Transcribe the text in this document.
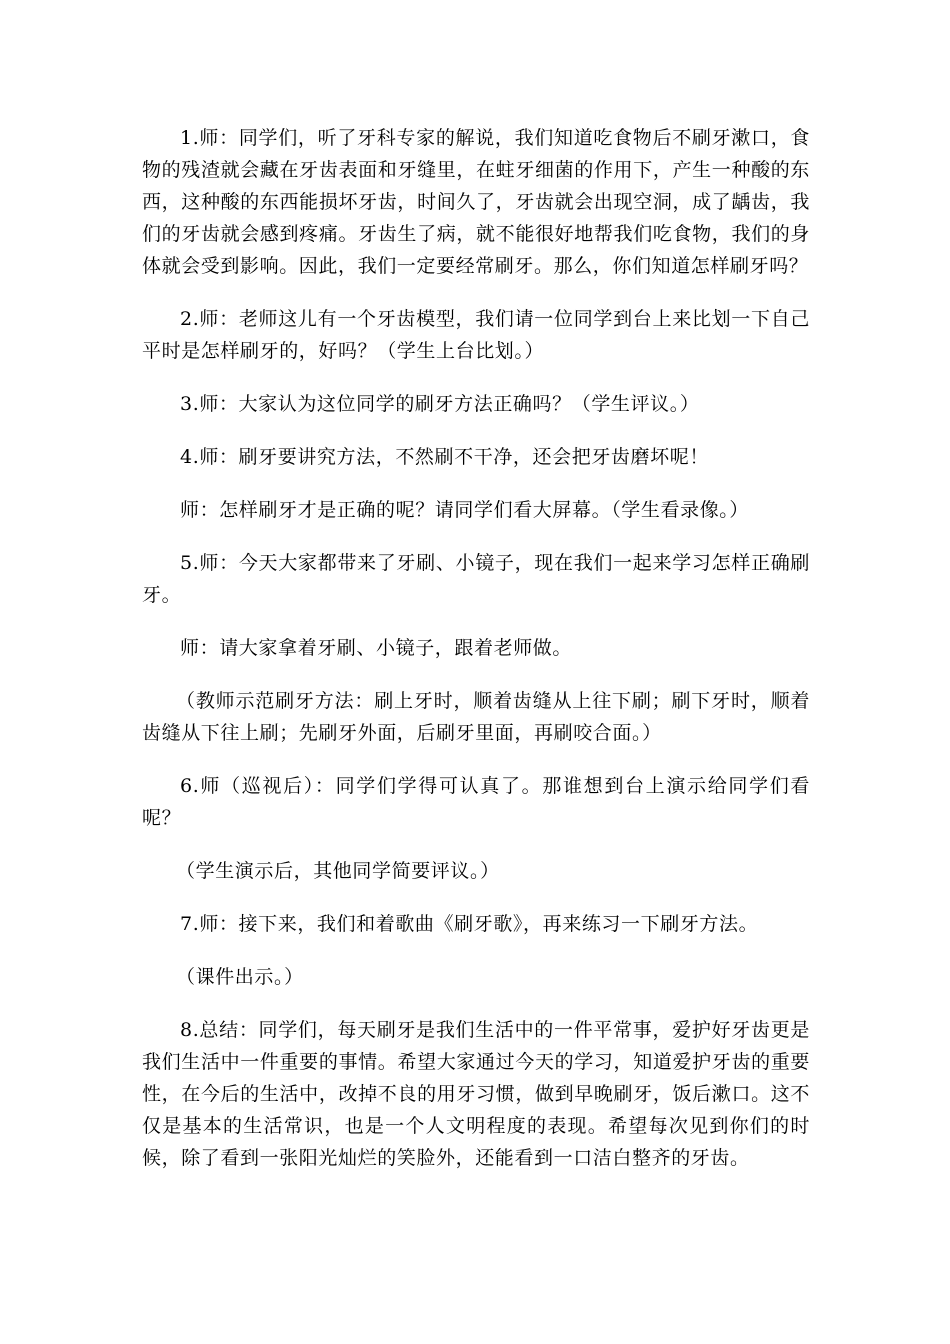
1.师：同学们，听了牙科专家的解说，我们知道吃食物后不刷牙漱口，食物的残渣就会藏在牙齿表面和牙缝里，在蛀牙细菌的作用下，产生一种酸的东西，这种酸的东西能损坏牙齿，时间久了，牙齿就会出现空洞，成了龋齿，我们的牙齿就会感到疼痛。牙齿生了病，就不能很好地帮我们吃食物，我们的身体就会受到影响。因此，我们一定要经常刷牙。那么，你们知道怎样刷牙吗？

2.师：老师这儿有一个牙齿模型，我们请一位同学到台上来比划一下自己平时是怎样刷牙的，好吗？（学生上台比划。）

3.师：大家认为这位同学的刷牙方法正确吗？（学生评议。）

4.师：刷牙要讲究方法，不然刷不干净，还会把牙齿磨坏呢！

师：怎样刷牙才是正确的呢？请同学们看大屏幕。（学生看录像。）

5.师：今天大家都带来了牙刷、小镜子，现在我们一起来学习怎样正确刷牙。

师：请大家拿着牙刷、小镜子，跟着老师做。

（教师示范刷牙方法：刷上牙时，顺着齿缝从上往下刷；刷下牙时，顺着齿缝从下往上刷；先刷牙外面，后刷牙里面，再刷咬合面。）

6.师（巡视后）：同学们学得可认真了。那谁想到台上演示给同学们看呢？

（学生演示后，其他同学简要评议。）

7.师：接下来，我们和着歌曲《刷牙歌》，再来练习一下刷牙方法。

（课件出示。）

8.总结：同学们，每天刷牙是我们生活中的一件平常事，爱护好牙齿更是我们生活中一件重要的事情。希望大家通过今天的学习，知道爱护牙齿的重要性，在今后的生活中，改掉不良的用牙习惯，做到早晚刷牙，饭后漱口。这不仅是基本的生活常识，也是一个人文明程度的表现。希望每次见到你们的时候，除了看到一张阳光灿烂的笑脸外，还能看到一口洁白整齐的牙齿。
